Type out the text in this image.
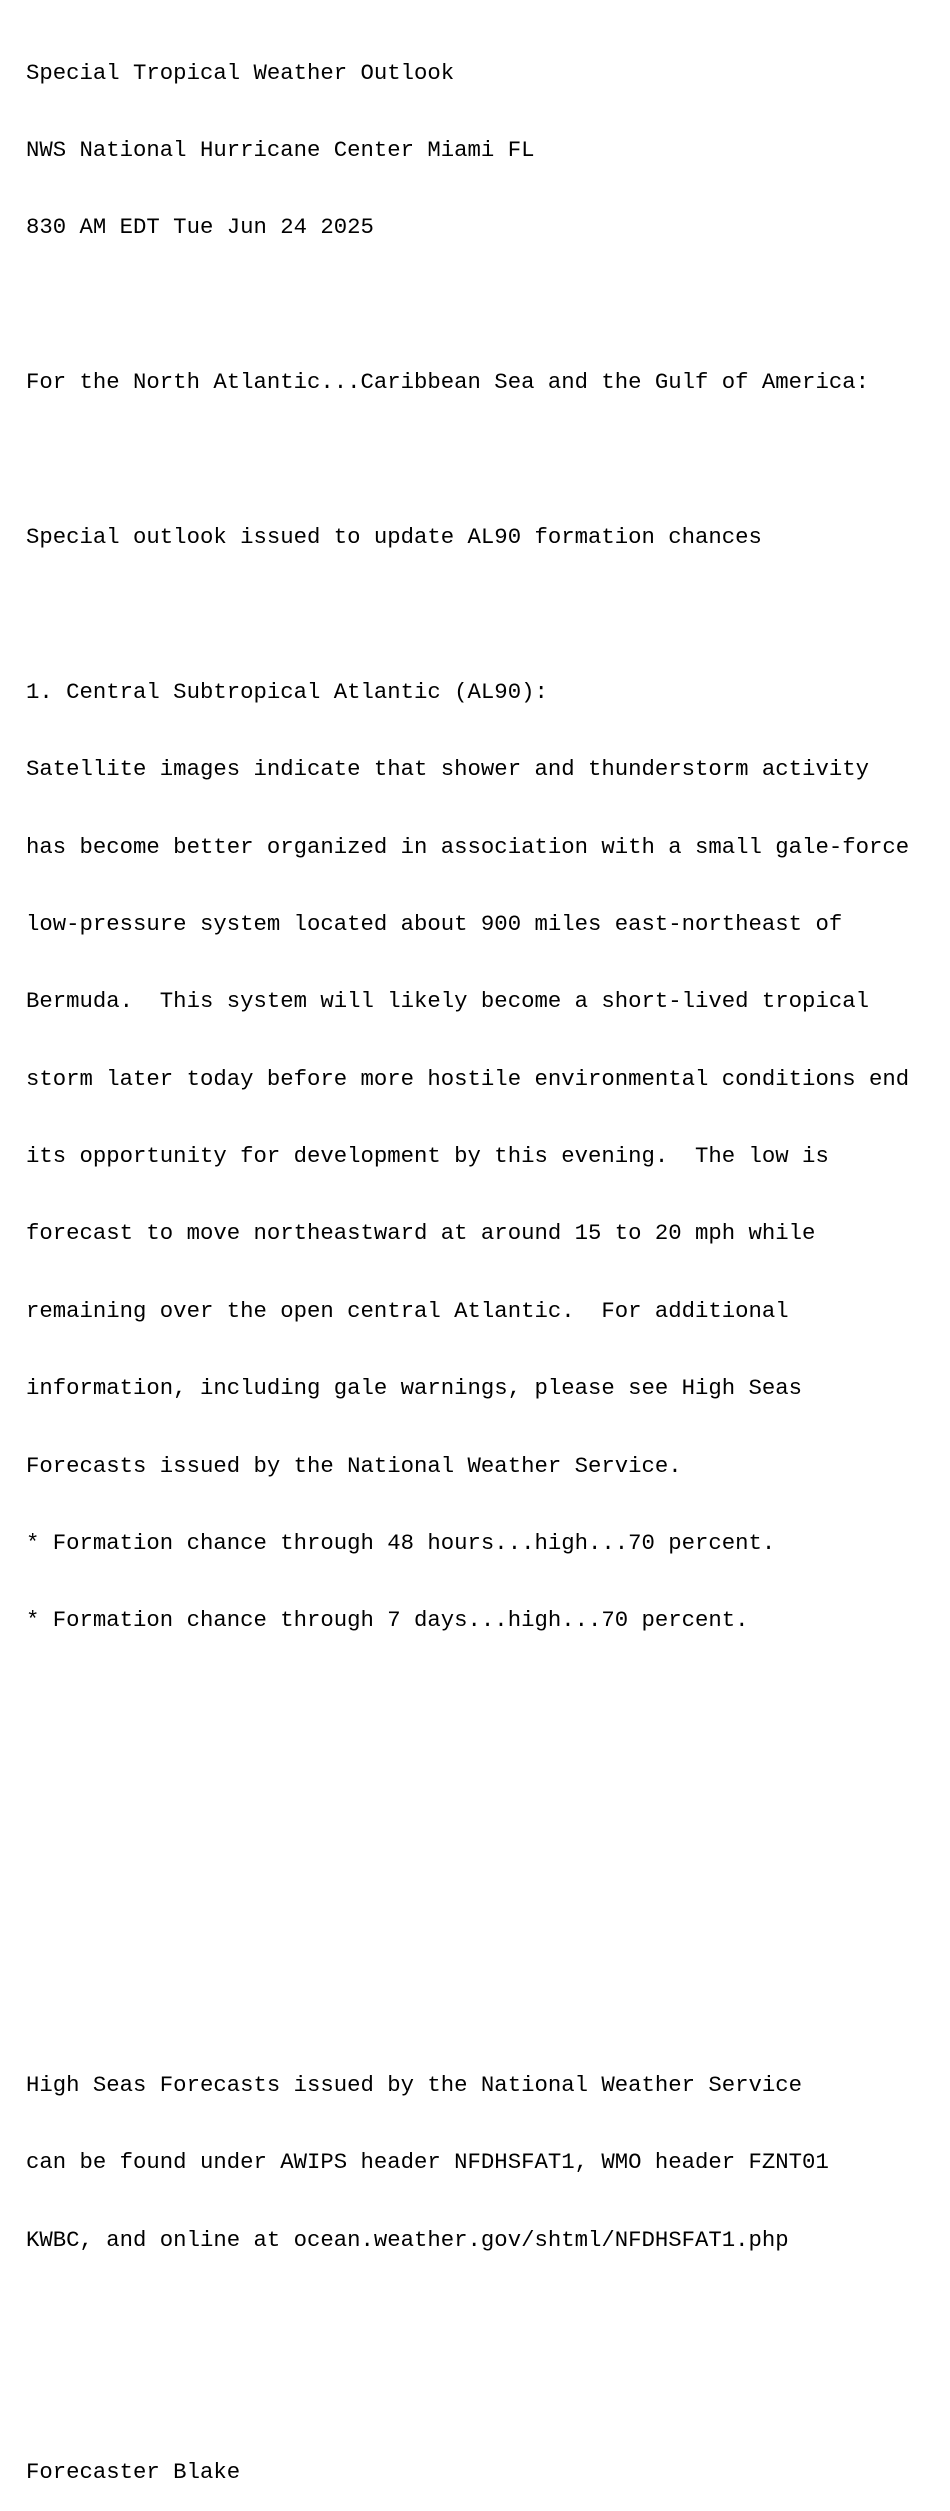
Special Tropical Weather Outlook

NWS National Hurricane Center Miami FL

830 AM EDT Tue Jun 24 2025

For the North Atlantic...Caribbean Sea and the Gulf of America:

Special outlook issued to update AL90 formation chances

1. Central Subtropical Atlantic (AL90):

Satellite images indicate that shower and thunderstorm activity

has become better organized in association with a small gale-force

low-pressure system located about 900 miles east-northeast of

Bermuda.  This system will likely become a short-lived tropical

storm later today before more hostile environmental conditions end

its opportunity for development by this evening.  The low is

forecast to move northeastward at around 15 to 20 mph while

remaining over the open central Atlantic.  For additional

information, including gale warnings, please see High Seas

Forecasts issued by the National Weather Service.

* Formation chance through 48 hours...high...70 percent.

* Formation chance through 7 days...high...70 percent.

High Seas Forecasts issued by the National Weather Service

can be found under AWIPS header NFDHSFAT1, WMO header FZNT01

KWBC, and online at ocean.weather.gov/shtml/NFDHSFAT1.php

Forecaster Blake
